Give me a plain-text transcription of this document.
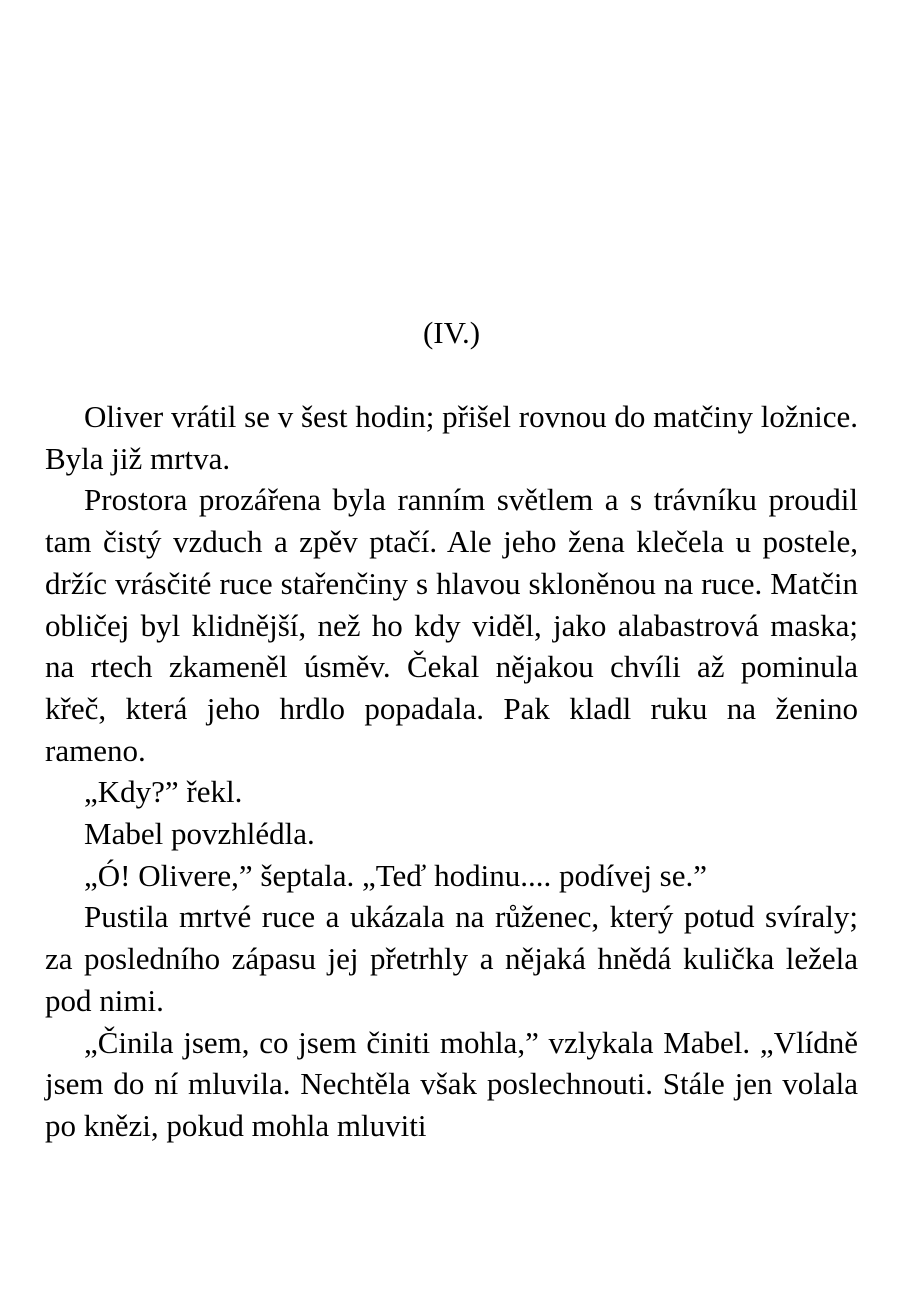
(IV.)

Oliver vrátil se v šest hodin; přišel rovnou do matčiny ložnice. Byla již mrtva.

Prostora prozářena byla ranním světlem a s trávníku proudil tam čistý vzduch a zpěv ptačí. Ale jeho žena klečela u postele, držíc vrásčité ruce stařenčiny s hlavou skloněnou na ruce. Matčin obličej byl klidnější, než ho kdy viděl, jako alabastrová maska; na rtech zkameněl úsměv. Čekal nějakou chvíli až pominula křeč, která jeho hrdlo popadala. Pak kladl ruku na ženino rameno.

„Kdy?” řekl.

Mabel povzhlédla.

„Ó! Olivere,” šeptala. „Teď hodinu.... podívej se.”

Pustila mrtvé ruce a ukázala na růženec, který potud svíraly; za posledního zápasu jej přetrhly a nějaká hnědá kulička ležela pod nimi.

„Činila jsem, co jsem činiti mohla,” vzlykala Mabel. „Vlídně jsem do ní mluvila. Nechtěla však poslechnouti. Stále jen volala po knězi, pokud mohla mluviti
